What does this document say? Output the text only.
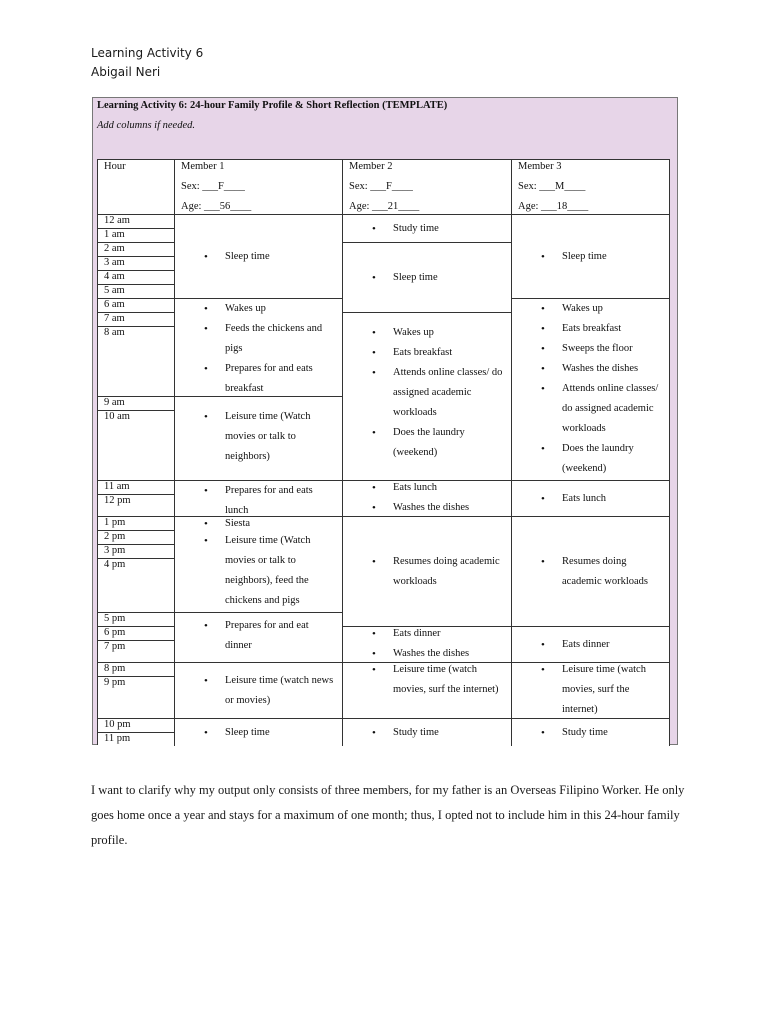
Learning Activity 6
Abigail Neri
Learning Activity 6: 24-hour Family Profile & Short Reflection (TEMPLATE)
Add columns if needed.
Hour	Member 1
Sex: ___F____
Age: ___56____
Member 2
Sex: ___F____
Age: ___21____
Member 3
Sex: ___M____
Age: ___18____
12 am
1 am
2 am
3 am
4 am
5 am
6 am
7 am
8 am
9 am
10 am
11 am
12 pm
1 pm
2 pm
3 pm
4 pm
5 pm
6 pm
7 pm
8 pm
9 pm
10 pm
11 pm
• Sleep time
• Wakes up
• Feeds the chickens and pigs
• Prepares for and eats breakfast
• Leisure time (Watch movies or talk to neighbors)
• Prepares for and eats lunch
• Siesta
• Leisure time (Watch movies or talk to neighbors), feed the chickens and pigs
• Prepares for and eat dinner
• Leisure time (watch news or movies)
• Sleep time
• Study time
• Sleep time
• Wakes up
• Eats breakfast
• Attends online classes/ do assigned academic workloads
• Does the laundry (weekend)
• Eats lunch
• Washes the dishes
• Resumes doing academic workloads
• Eats dinner
• Washes the dishes
• Leisure time (watch movies, surf the internet)
• Study time
• Sleep time
• Wakes up
• Eats breakfast
• Sweeps the floor
• Washes the dishes
• Attends online classes/ do assigned academic workloads
• Does the laundry (weekend)
• Eats lunch
• Resumes doing academic workloads
• Eats dinner
• Leisure time (watch movies, surf the internet)
• Study time
I want to clarify why my output only consists of three members, for my father is an Overseas Filipino Worker. He only goes home once a year and stays for a maximum of one month; thus, I opted not to include him in this 24-hour family profile.
